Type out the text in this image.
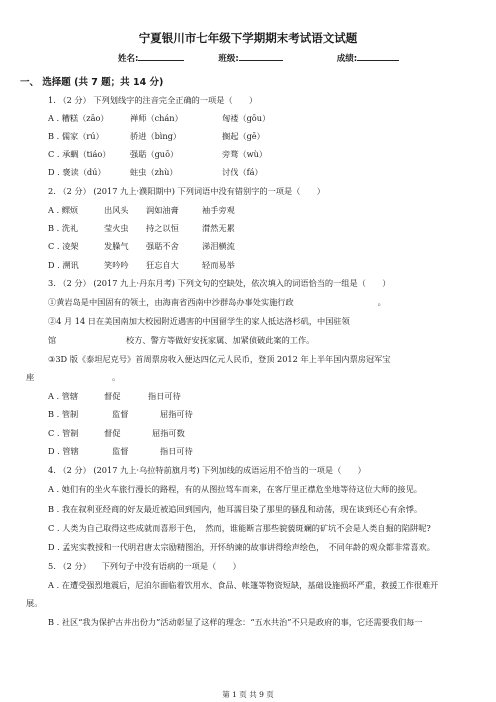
宁夏银川市七年级下学期期末考试语文试题
姓名:	班级:	成绩:
一、 选择题 (共 7 题；共 14 分)
1. （2 分） 下列划线字的注音完全正确的一项是（　　）
A . 糟糕（zāo）	禅师（chán）	匈褛（gōu）
B . 儒家（rú）	骄进（bìng）	搁起（gē）
C . 承蜩（tiáo） 强聒（guō）	旁骛（wù）
D . 褒读（dú）	蛀虫（zhù）	讨伐（fá）
2. （2 分） (2017 九上·濮阳期中) 下列词语中没有错别字的一项是（　　）
A . 鳏烦	出风头 润如油膏	袖手旁观
B . 洗礼	莹火虫 持之以恒	潸然无累
C . 凌架	发臊气 强聒不舍	涕泪横流
D . 溯讯	笑吟吟 狂忘自大	轻而易举
3. （2 分） (2017 九上·丹东月考) 下列文句的空缺处，依次填入的词语恰当的一组是（　　）
①黄岩岛是中国固有的领土，由海南省西南中沙群岛办事处实施行政	。
②4 月 14 日在美国南加大校园附近遇害的中国留学生的家人抵达洛杉矶，中国驻领
馆	校方、警方等做好安抚家属、加紧侦破此案的工作。
③3D 版《泰坦尼克号》首周票房收入便达四亿元人民币，登顶 2012 年上半年国内票房冠军宝
座	。
A . 管辖	督促	指日可待
B . 管制	监督	屈指可待
C . 管制	督促	屈指可数
D . 管辖	监督	指日可待
4. （2 分） (2017 九上·乌拉特前旗月考) 下列加线的成语运用不恰当的一项是（　　）
A . 她们有的坐火车旅行漫长的路程，有的从图拉驾车而来，在客厅里正襟危坐地等待这位大师的接见。
B . 我在叙利亚经商的好友最近被追回到国内，他耳濡目染了那里的骚乱和动荡，现在谈到还心有余悸。
C . 人类为自己取得这些成就而喜形于色，　然而，谁能断言那些貌藐斑斓的矿坑不会是人类自掘的陷阱呢?
D . 孟宪实教授和一代明君唐太宗励精图治，开怀纳谏的故事讲得绘声绘色，　不同年龄的观众都非常喜欢。
5. （2 分） 　下列句子中没有语病的一项是（　　）
A . 在遭受强烈地震后，尼泊尔面临着饮用水、食品、帐篷等物资短缺，基础设施损坏严重，救援工作很难开
展。
B . 社区“我为保护古井出份力”活动彰显了这样的理念：“五水共治”不只是政府的事，它还需要我们每一
第 1 页 共 9 页
